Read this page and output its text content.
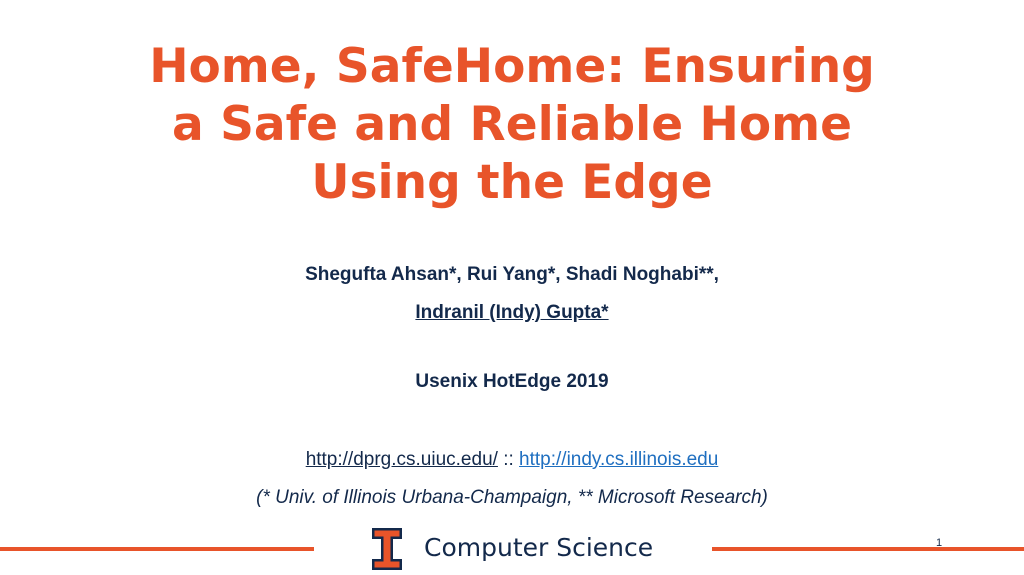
Home, SafeHome: Ensuring
a Safe and Reliable Home
Using the Edge
Shegufta Ahsan*, Rui Yang*, Shadi Noghabi**,
Indranil (Indy) Gupta*
Usenix HotEdge 2019
http://dprg.cs.uiuc.edu/ :: http://indy.cs.illinois.edu
(* Univ. of Illinois Urbana-Champaign, ** Microsoft Research)
Computer Science	1
